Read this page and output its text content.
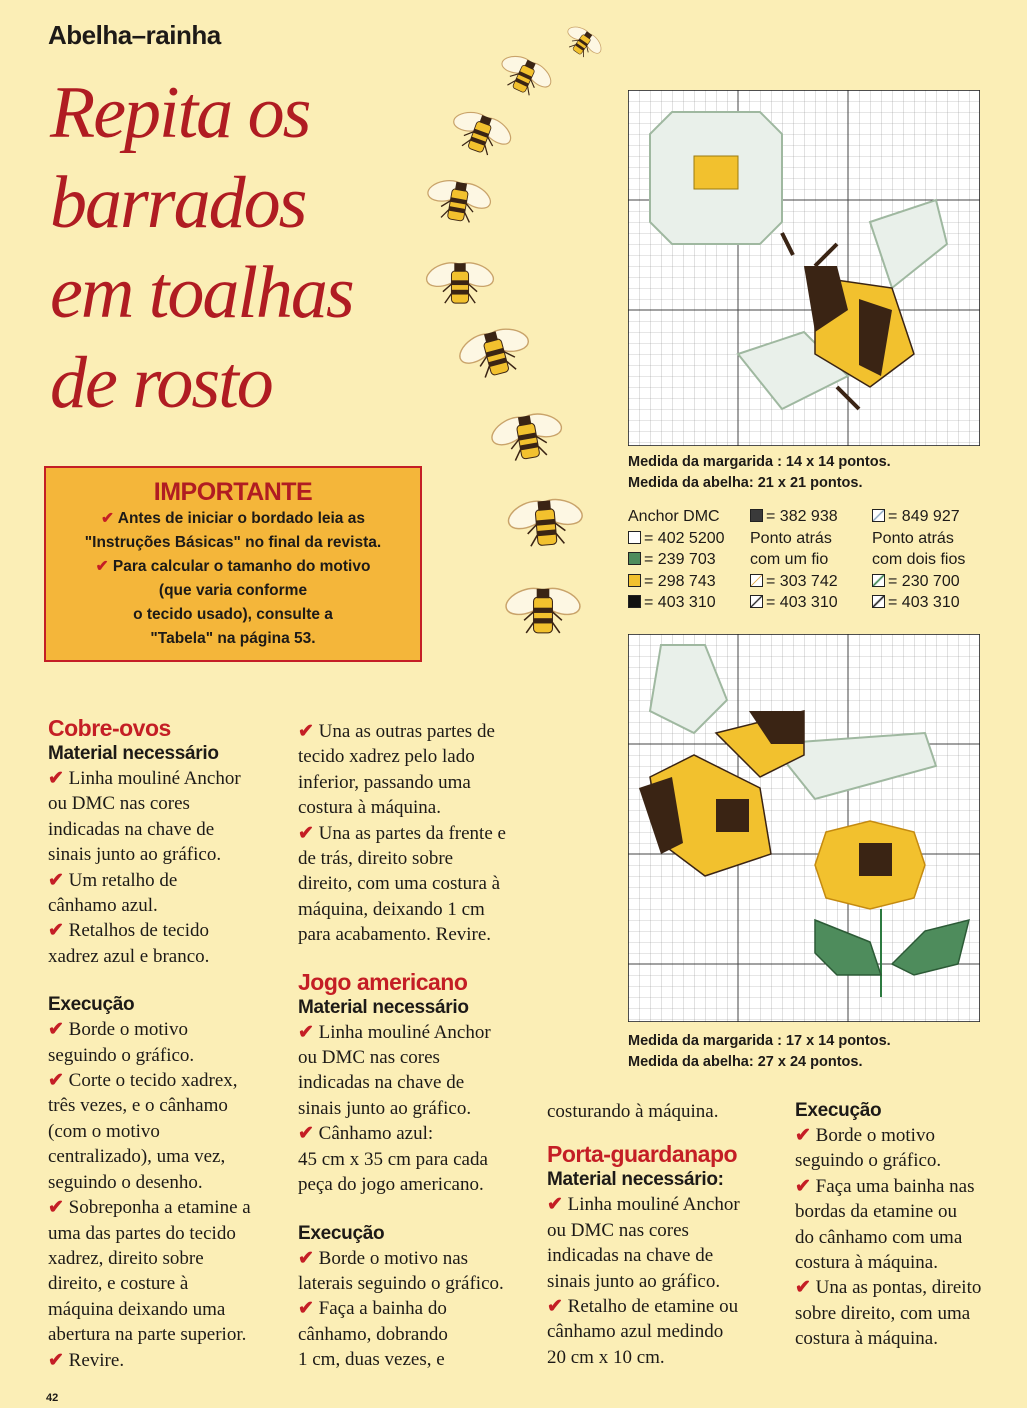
Abelha–rainha
Repita os
barrados
em toalhas
de rosto
IMPORTANTE
✔ Antes de iniciar o bordado leia as
"Instruções Básicas" no final da revista.
✔ Para calcular o tamanho do motivo
(que varia conforme
o tecido usado), consulte a
"Tabela" na página 53.
Medida da margarida : 14 x 14 pontos.
Medida da abelha: 21 x 21 pontos.
Anchor DMC
= 402 5200
= 239 703
= 298 743
= 403 310
= 382 938
Ponto atrás
com um fio
= 303 742
= 403 310
= 849 927
Ponto atrás
com dois fios
= 230 700
= 403 310
Medida da margarida : 17 x 14 pontos.
Medida da abelha: 27 x 24 pontos.
Cobre-ovos
Material necessário
✔ Linha mouliné Anchor
ou DMC nas cores
indicadas na chave de
sinais junto ao gráfico.
✔ Um retalho de
cânhamo azul.
✔ Retalhos de tecido
xadrez azul e branco.
Execução
✔ Borde o motivo
seguindo o gráfico.
✔ Corte o tecido xadrex,
três vezes, e o cânhamo
(com o motivo
centralizado), uma vez,
seguindo o desenho.
✔ Sobreponha a etamine a
uma das partes do tecido
xadrez, direito sobre
direito, e costure à
máquina deixando uma
abertura na parte superior.
✔ Revire.
✔ Una as outras partes de
tecido xadrez pelo lado
inferior, passando uma
costura à máquina.
✔ Una as partes da frente e
de trás, direito sobre
direito, com uma costura à
máquina, deixando 1 cm
para acabamento. Revire.
Jogo americano
Material necessário
✔ Linha mouliné Anchor
ou DMC nas cores
indicadas na chave de
sinais junto ao gráfico.
✔ Cânhamo azul:
45 cm x 35 cm para cada
peça do jogo americano.
Execução
✔ Borde o motivo nas
laterais seguindo o gráfico.
✔ Faça a bainha do
cânhamo, dobrando
1 cm, duas vezes, e
costurando à máquina.
Porta-guardanapo
Material necessário:
✔ Linha mouliné Anchor
ou DMC nas cores
indicadas na chave de
sinais junto ao gráfico.
✔ Retalho de etamine ou
cânhamo azul medindo
20 cm x 10 cm.
Execução
✔ Borde o motivo
seguindo o gráfico.
✔ Faça uma bainha nas
bordas da etamine ou
do cânhamo com uma
costura à máquina.
✔ Una as pontas, direito
sobre direito, com uma
costura à máquina.
42
